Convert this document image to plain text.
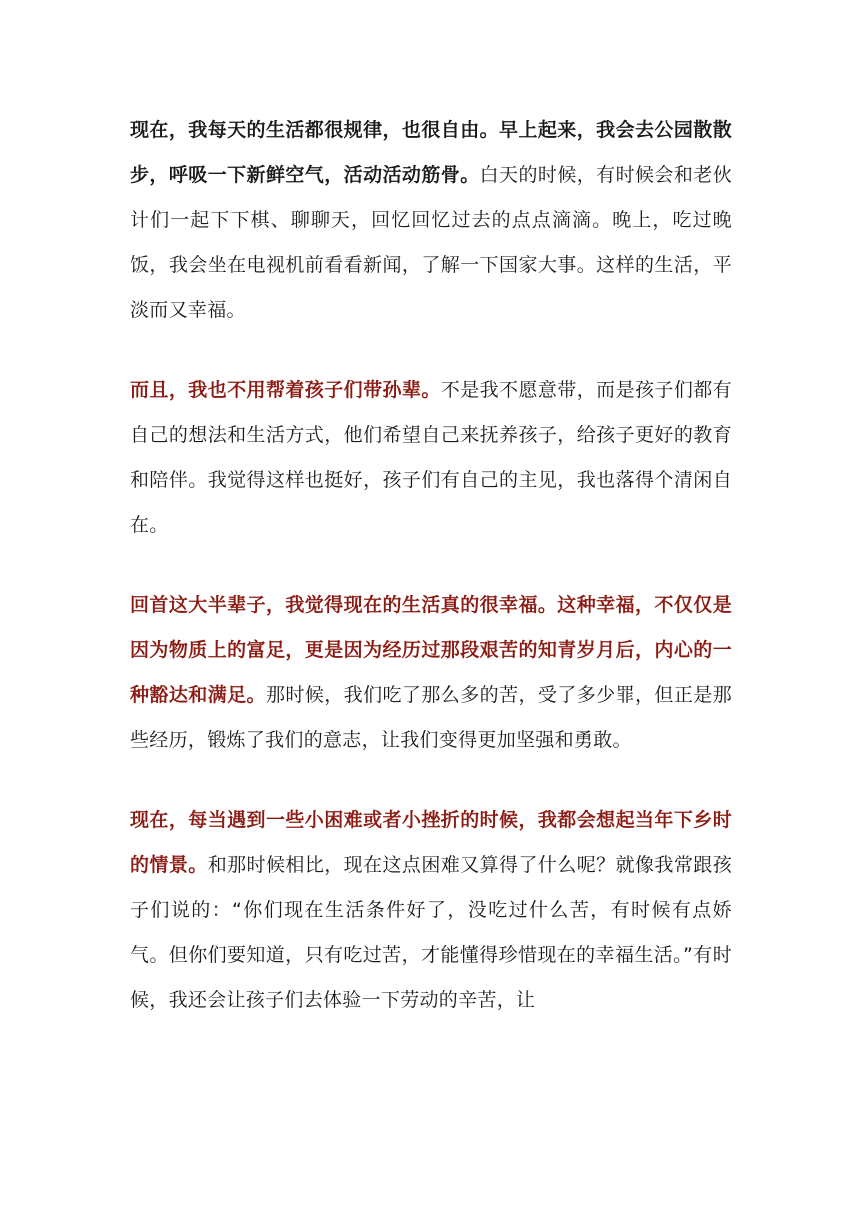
现在，我每天的生活都很规律，也很自由。早上起来，我会去公园散散步，呼吸一下新鲜空气，活动活动筋骨。白天的时候，有时候会和老伙计们一起下下棋、聊聊天，回忆回忆过去的点点滴滴。晚上，吃过晚饭，我会坐在电视机前看看新闻，了解一下国家大事。这样的生活，平淡而又幸福。

而且，我也不用帮着孩子们带孙辈。不是我不愿意带，而是孩子们都有自己的想法和生活方式，他们希望自己来抚养孩子，给孩子更好的教育和陪伴。我觉得这样也挺好，孩子们有自己的主见，我也落得个清闲自在。

回首这大半辈子，我觉得现在的生活真的很幸福。这种幸福，不仅仅是因为物质上的富足，更是因为经历过那段艰苦的知青岁月后，内心的一种豁达和满足。那时候，我们吃了那么多的苦，受了多少罪，但正是那些经历，锻炼了我们的意志，让我们变得更加坚强和勇敢。

现在，每当遇到一些小困难或者小挫折的时候，我都会想起当年下乡时的情景。和那时候相比，现在这点困难又算得了什么呢？就像我常跟孩子们说的：“你们现在生活条件好了，没吃过什么苦，有时候有点娇气。但你们要知道，只有吃过苦，才能懂得珍惜现在的幸福生活。”有时候，我还会让孩子们去体验一下劳动的辛苦，让
